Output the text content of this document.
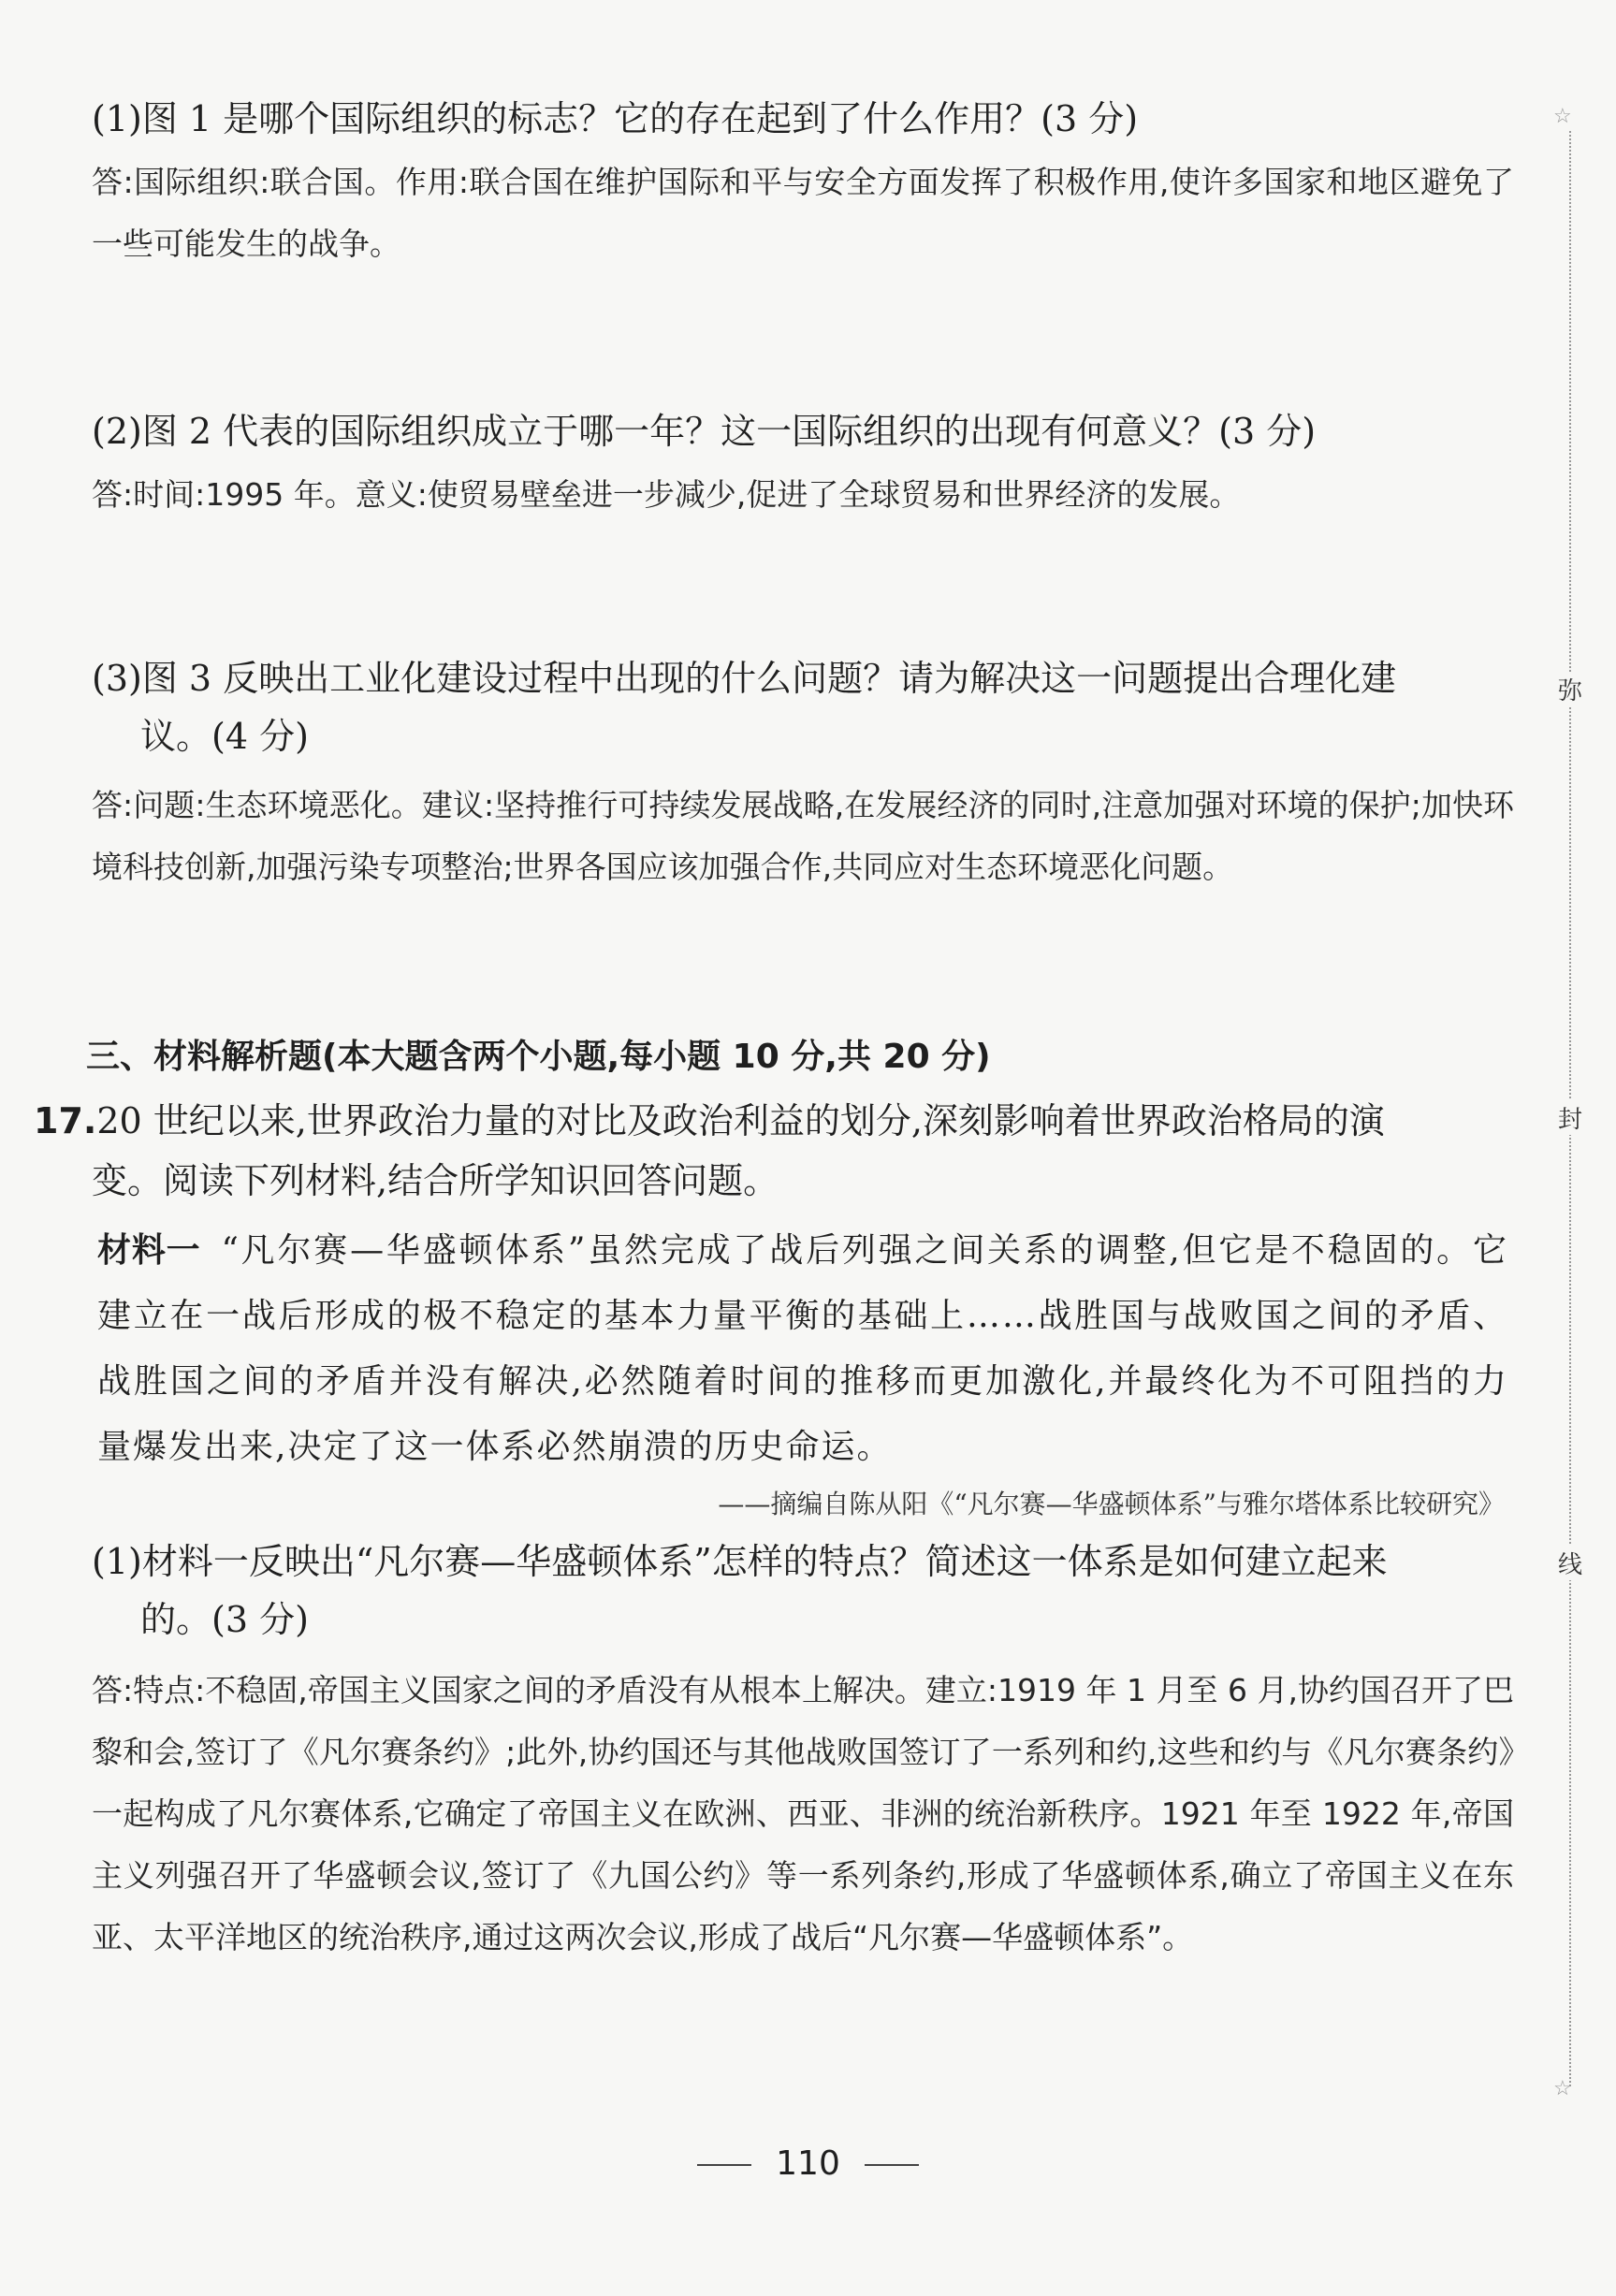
(1)图 1 是哪个国际组织的标志？它的存在起到了什么作用？(3 分)
答:国际组织:联合国。作用:联合国在维护国际和平与安全方面发挥了积极作用,使许多国家和地区避免了一些可能发生的战争。
(2)图 2 代表的国际组织成立于哪一年？这一国际组织的出现有何意义？(3 分)
答:时间:1995 年。意义:使贸易壁垒进一步减少,促进了全球贸易和世界经济的发展。
(3)图 3 反映出工业化建设过程中出现的什么问题？请为解决这一问题提出合理化建
议。(4 分)
答:问题:生态环境恶化。建议:坚持推行可持续发展战略,在发展经济的同时,注意加强对环境的保护;加快环境科技创新,加强污染专项整治;世界各国应该加强合作,共同应对生态环境恶化问题。
三、材料解析题(本大题含两个小题,每小题 10 分,共 20 分)
17.20 世纪以来,世界政治力量的对比及政治利益的划分,深刻影响着世界政治格局的演
变。阅读下列材料,结合所学知识回答问题。
材料一 “凡尔赛—华盛顿体系”虽然完成了战后列强之间关系的调整,但它是不稳固的。它建立在一战后形成的极不稳定的基本力量平衡的基础上……战胜国与战败国之间的矛盾、战胜国之间的矛盾并没有解决,必然随着时间的推移而更加激化,并最终化为不可阻挡的力量爆发出来,决定了这一体系必然崩溃的历史命运。
——摘编自陈从阳《“凡尔赛—华盛顿体系”与雅尔塔体系比较研究》
(1)材料一反映出“凡尔赛—华盛顿体系”怎样的特点？简述这一体系是如何建立起来
的。(3 分)
答:特点:不稳固,帝国主义国家之间的矛盾没有从根本上解决。建立:1919 年 1 月至 6 月,协约国召开了巴黎和会,签订了《凡尔赛条约》;此外,协约国还与其他战败国签订了一系列和约,这些和约与《凡尔赛条约》一起构成了凡尔赛体系,它确定了帝国主义在欧洲、西亚、非洲的统治新秩序。1921 年至 1922 年,帝国主义列强召开了华盛顿会议,签订了《九国公约》等一系列条约,形成了华盛顿体系,确立了帝国主义在东亚、太平洋地区的统治秩序,通过这两次会议,形成了战后“凡尔赛—华盛顿体系”。
110
☆
弥
封
线
☆
